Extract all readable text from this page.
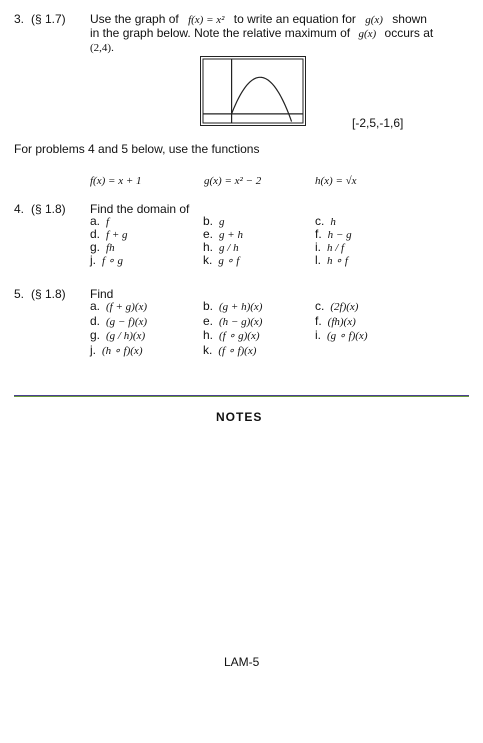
3. (§ 1.7) Use the graph of f(x) = x² to write an equation for g(x) shown
in the graph below. Note the relative maximum of g(x) occurs at
(2,4).
[-2,5,-1,6]
For problems 4 and 5 below, use the functions
f(x) = x + 1	g(x) = x² − 2	h(x) = √x
4. (§ 1.8) Find the domain of
a. f	b. g	c. h
d. f + g	e. g + h	f. h − g
g. fh	h. g / h	i. h / f
j. f ∘ g	k. g ∘ f	l. h ∘ f
5. (§ 1.8) Find
a. (f + g)(x)	b. (g + h)(x)	c. (2f)(x)
d. (g − f)(x)	e. (h − g)(x)	f. (fh)(x)
g. (g / h)(x)	h. (f ∘ g)(x)	i. (g ∘ f)(x)
j. (h ∘ f)(x)	k. (f ∘ f)(x)
NOTES
LAM-5
